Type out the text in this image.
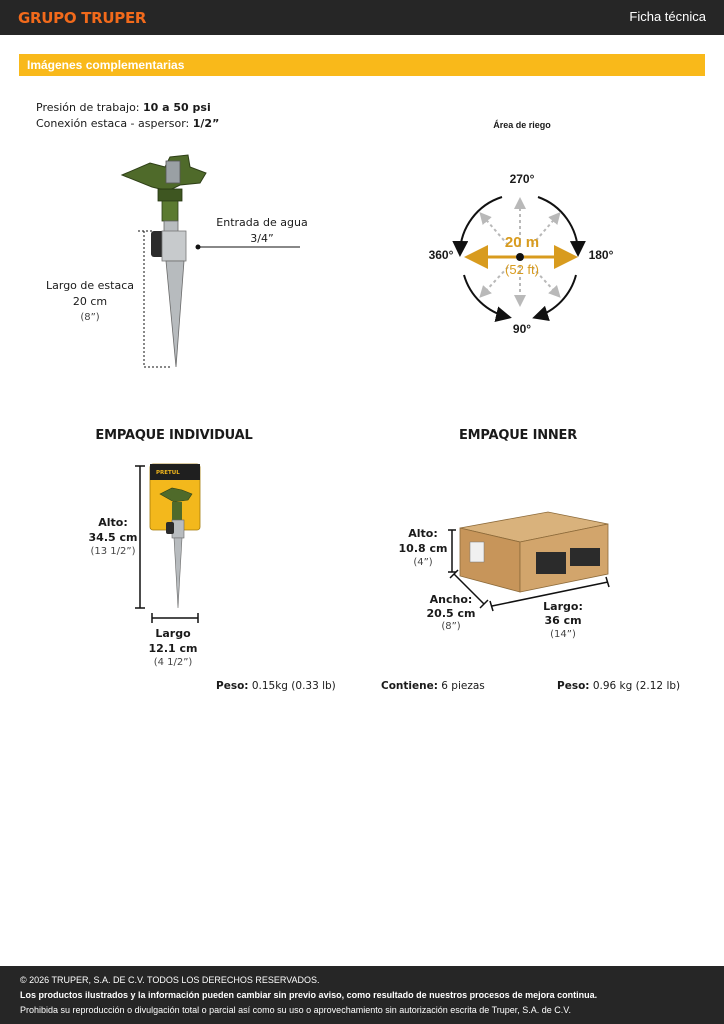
GRUPO TRUPER	Ficha técnica
Imágenes complementarias
Presión de trabajo: 10 a 50 psi
Conexión estaca - aspersor: 1/2”
Entrada de agua
3/4”
Largo de estaca
20 cm
(8”)
Área de riego
270°
360°	180°
90°
20 m
(52 ft)
EMPAQUE INDIVIDUAL
PRETUL
Alto:
34.5 cm
(13 1/2”)
Largo
12.1 cm
(4 1/2”)
Peso: 0.15kg (0.33 lb)
EMPAQUE INNER
Alto:
10.8 cm
(4”)
Ancho:
20.5 cm
(8”)
Largo:
36 cm
(14”)
Contiene: 6 piezas	Peso: 0.96 kg (2.12 lb)
© 2026 TRUPER, S.A. DE C.V. TODOS LOS DERECHOS RESERVADOS.
Los productos ilustrados y la información pueden cambiar sin previo aviso, como resultado de nuestros procesos de mejora continua.
Prohibida su reproducción o divulgación total o parcial así como su uso o aprovechamiento sin autorización escrita de Truper, S.A. de C.V.
